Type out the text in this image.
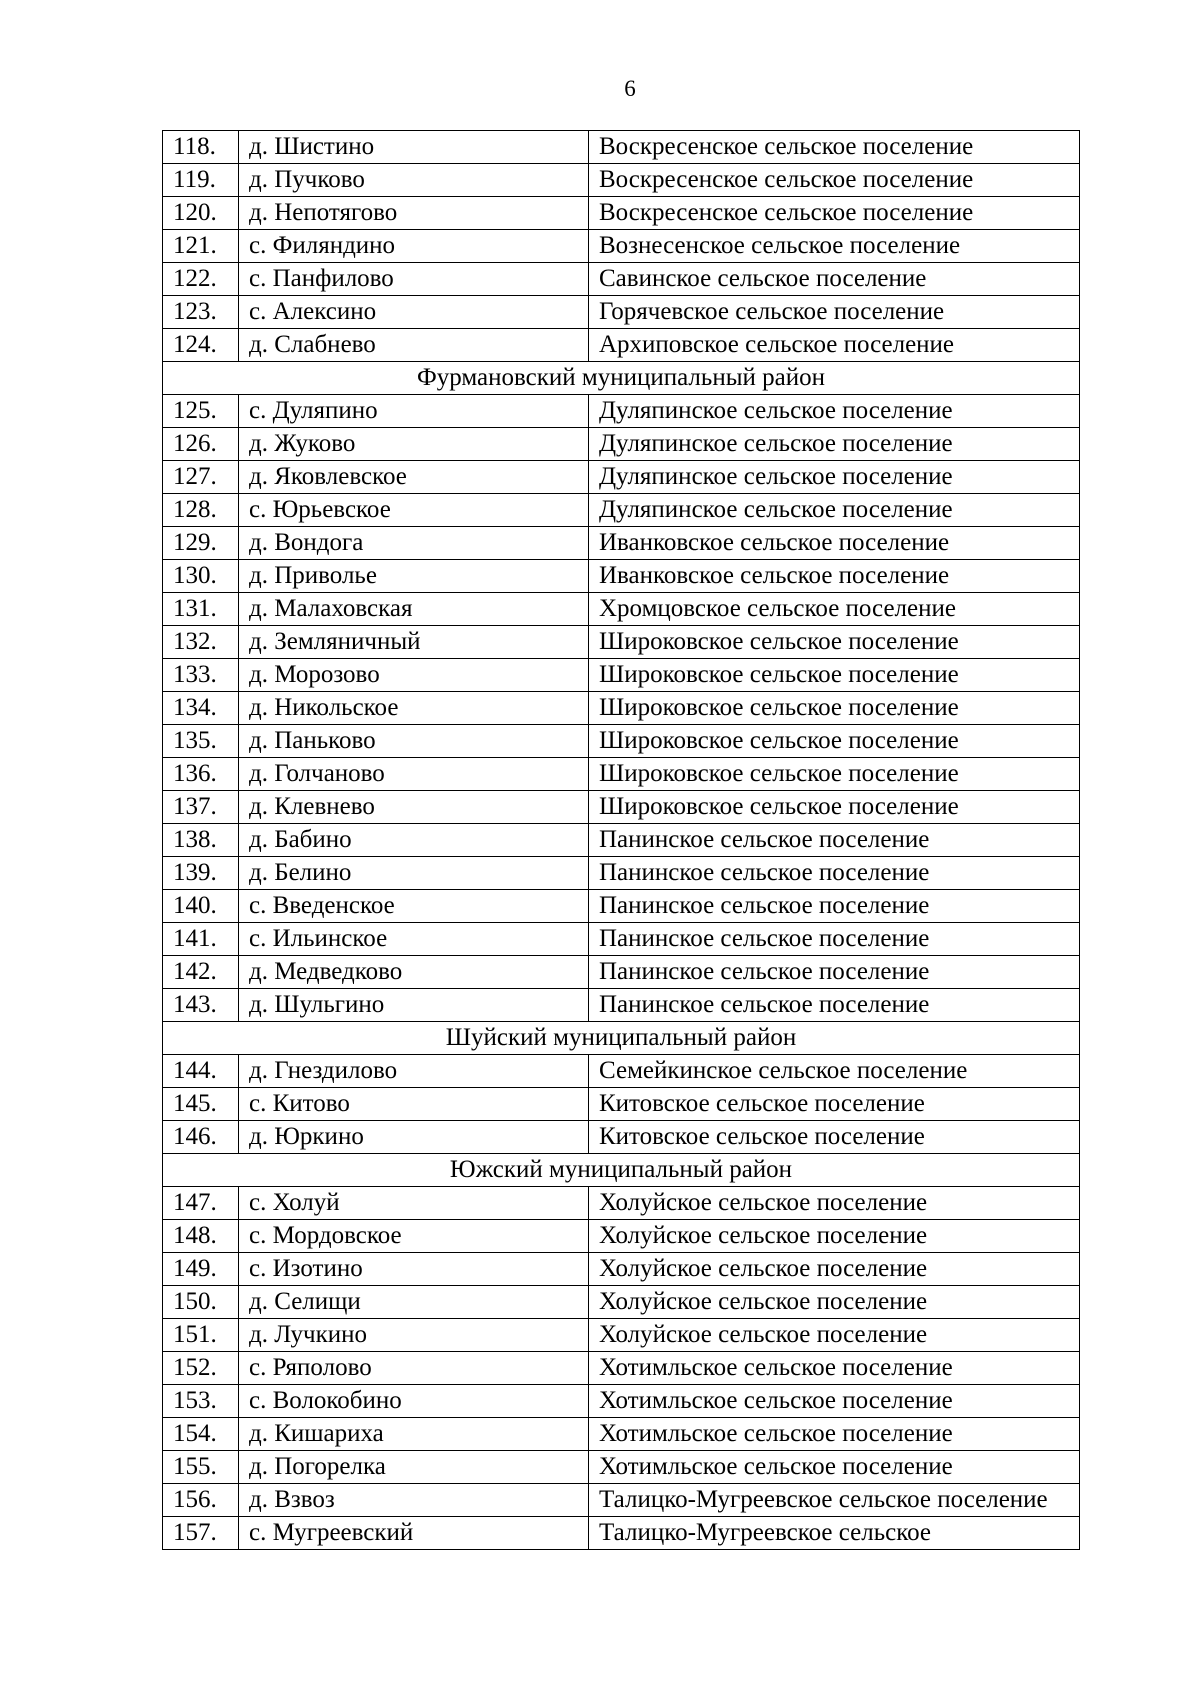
6
118.	д. Шистино	Воскресенское сельское поселение
119.	д. Пучково	Воскресенское сельское поселение
120.	д. Непотягово	Воскресенское сельское поселение
121.	с. Филяндино	Вознесенское сельское поселение
122.	с. Панфилово	Савинское сельское поселение
123.	с. Алексино	Горячевское сельское поселение
124.	д. Слабнево	Архиповское сельское поселение
Фурмановский муниципальный район		
125.	с. Дуляпино	Дуляпинское сельское поселение
126.	д. Жуково	Дуляпинское сельское поселение
127.	д. Яковлевское	Дуляпинское сельское поселение
128.	с. Юрьевское	Дуляпинское сельское поселение
129.	д. Вондога	Иванковское сельское поселение
130.	д. Приволье	Иванковское сельское поселение
131.	д. Малаховская	Хромцовское сельское поселение
132.	д. Земляничный	Широковское сельское поселение
133.	д. Морозово	Широковское сельское поселение
134.	д. Никольское	Широковское сельское поселение
135.	д. Паньково	Широковское сельское поселение
136.	д. Голчаново	Широковское сельское поселение
137.	д. Клевнево	Широковское сельское поселение
138.	д. Бабино	Панинское сельское поселение
139.	д. Белино	Панинское сельское поселение
140.	с. Введенское	Панинское сельское поселение
141.	с. Ильинское	Панинское сельское поселение
142.	д. Медведково	Панинское сельское поселение
143.	д. Шульгино	Панинское сельское поселение
Шуйский муниципальный район		
144.	д. Гнездилово	Семейкинское сельское поселение
145.	с. Китово	Китовское сельское поселение
146.	д. Юркино	Китовское сельское поселение
Южский муниципальный район		
147.	с. Холуй	Холуйское сельское поселение
148.	с. Мордовское	Холуйское сельское поселение
149.	с. Изотино	Холуйское сельское поселение
150.	д. Селищи	Холуйское сельское поселение
151.	д. Лучкино	Холуйское сельское поселение
152.	с. Ряполово	Хотимльское сельское поселение
153.	с. Волокобино	Хотимльское сельское поселение
154.	д. Кишариха	Хотимльское сельское поселение
155.	д. Погорелка	Хотимльское сельское поселение
156.	д. Взвоз	Талицко-Мугреевское сельское поселение
157.	с. Мугреевский	Талицко-Мугреевское сельское
